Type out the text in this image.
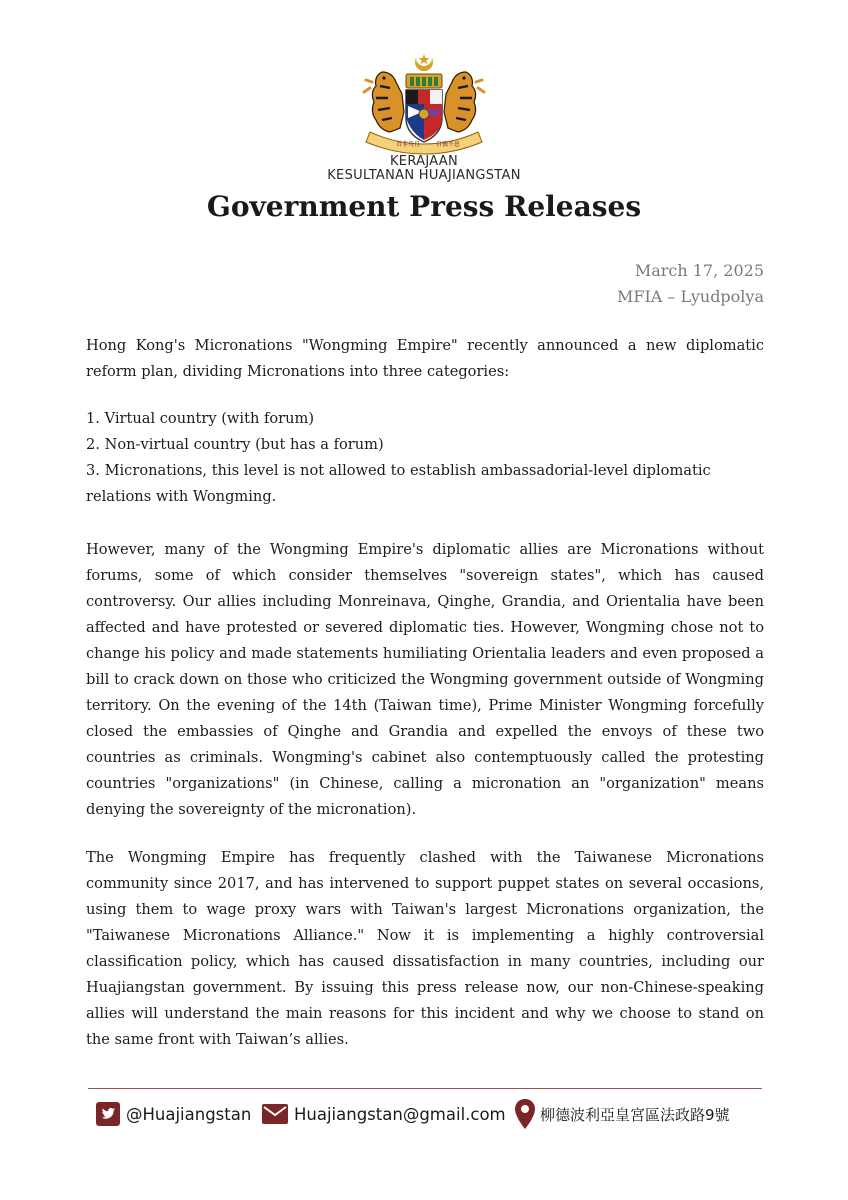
吾非苟且	自強不息
KERAJAAN
KESULTANAN HUAJIANGSTAN
Government Press Releases
March 17, 2025
MFIA – Lyudpolya
Hong Kong's Micronations "Wongming Empire" recently announced a new diplomatic reform plan, dividing Micronations into three categories:
1. Virtual country (with forum)
2. Non-virtual country (but has a forum)
3. Micronations, this level is not allowed to establish ambassadorial-level diplomatic relations with Wongming.
However, many of the Wongming Empire's diplomatic allies are Micronations without forums, some of which consider themselves "sovereign states", which has caused controversy. Our allies including Monreinava, Qinghe, Grandia, and Orientalia have been affected and have protested or severed diplomatic ties. However, Wongming chose not to change his policy and made statements humiliating Orientalia leaders and even proposed a bill to crack down on those who criticized the Wongming government outside of Wongming territory. On the evening of the 14th (Taiwan time), Prime Minister Wongming forcefully closed the embassies of Qinghe and Grandia and expelled the envoys of these two countries as criminals. Wongming's cabinet also contemptuously called the protesting countries "organizations" (in Chinese, calling a micronation an "organization" means denying the sovereignty of the micronation).
The Wongming Empire has frequently clashed with the Taiwanese Micronations community since 2017, and has intervened to support puppet states on several occasions, using them to wage proxy wars with Taiwan's largest Micronations organization, the "Taiwanese Micronations Alliance." Now it is implementing a highly controversial classification policy, which has caused dissatisfaction in many countries, including our Huajiangstan government. By issuing this press release now, our non-Chinese-speaking allies will understand the main reasons for this incident and why we choose to stand on the same front with Taiwan’s allies.
@Huajiangstan	Huajiangstan@gmail.com 柳德波利亞皇宮區法政路9號
